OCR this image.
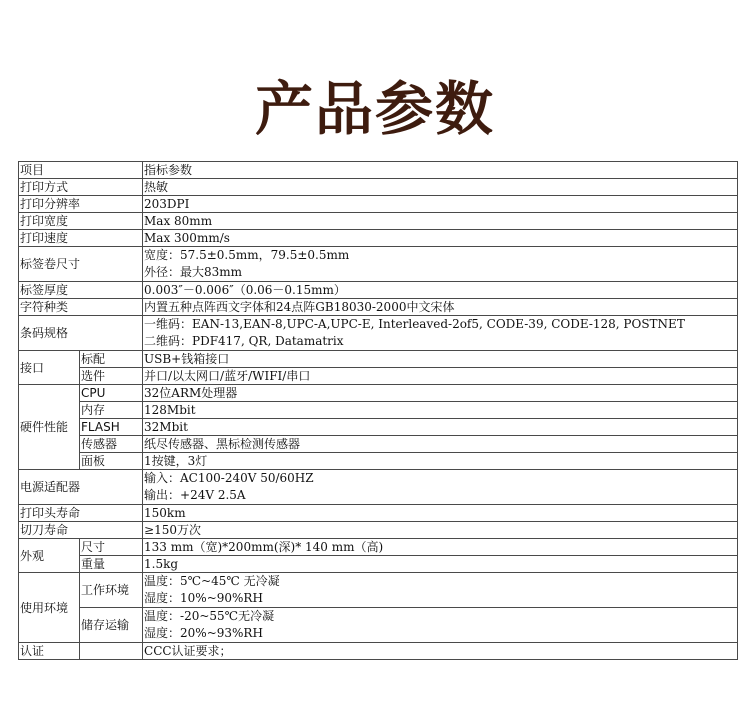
产品参数
项目		指标参数
打印方式		热敏
打印分辨率		203DPI
打印宽度		Max 80mm
打印速度		Max 300mm/s
标签卷尺寸		宽度：57.5±0.5mm，79.5±0.5mm
外径：最大83mm

标签厚度		0.003″－0.006″（0.06－0.15mm）
字符种类		内置五种点阵西文字体和24点阵GB18030-2000中文宋体
条码规格		一维码：EAN-13,EAN-8,UPC-A,UPC-E, Interleaved-2of5, CODE-39, CODE-128, POSTNET
二维码：PDF417, QR, Datamatrix

接口	标配	USB+钱箱接口
	选件	并口/以太网口/蓝牙/WIFI/串口
硬件性能	CPU	32位ARM处理器
	内存	128Mbit
	FLASH	32Mbit
	传感器	纸尽传感器、黑标检测传感器
	面板	1按键，3灯
电源适配器		输入：AC100-240V 50/60HZ
输出：+24V 2.5A

打印头寿命		150km
切刀寿命		≥150万次
外观	尺寸	133 mm（宽)*200mm(深)* 140 mm（高)
	重量	1.5kg
使用环境	工作环境	温度：5℃~45℃ 无冷凝
湿度：10%~90%RH

	储存运输	温度：-20~55℃无冷凝
湿度：20%~93%RH

认证		CCC认证要求；
